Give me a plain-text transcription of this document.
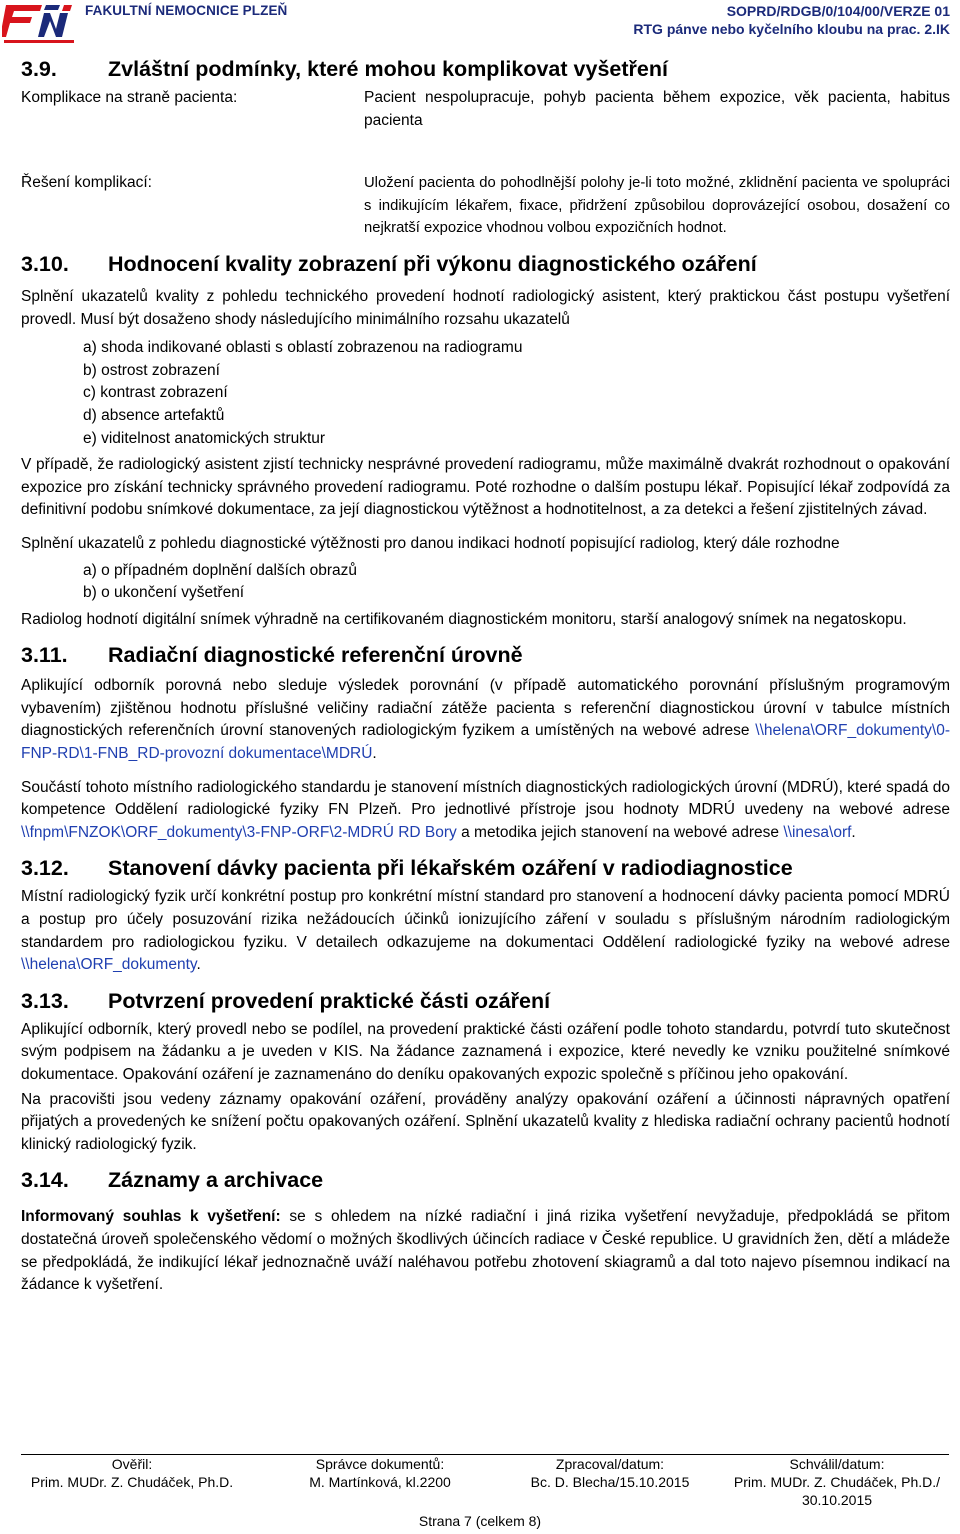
FAKULTNÍ NEMOCNICE PLZEŇ	SOPRD/RDGB/0/104/00/VERZE 01
RTG pánve nebo kyčelního kloubu na prac. 2.IK
3.9. Zvláštní podmínky, které mohou komplikovat vyšetření
Komplikace na straně pacienta:	Pacient nespolupracuje, pohyb pacienta během expozice, věk pacienta, habitus pacienta
Řešení komplikací:	Uložení pacienta do pohodlnější polohy je-li toto možné, zklidnění pacienta ve spolupráci s indikujícím lékařem, fixace, přidržení způsobilou doprovázející osobou, dosažení co nejkratší expozice vhodnou volbou expozičních hodnot.
3.10. Hodnocení kvality zobrazení při výkonu diagnostického ozáření

Splnění ukazatelů kvality z pohledu technického provedení hodnotí radiologický asistent, který praktickou část postupu vyšetření provedl. Musí být dosaženo shody následujícího minimálního rozsahu ukazatelů

a) shoda indikované oblasti s oblastí zobrazenou na radiogramu
b) ostrost zobrazení
c) kontrast zobrazení
d) absence artefaktů
e) viditelnost anatomických struktur

V případě, že radiologický asistent zjistí technicky nesprávné provedení radiogramu, může maximálně dvakrát rozhodnout o opakování expozice pro získání technicky správného provedení radiogramu. Poté rozhodne o dalším postupu lékař. Popisující lékař zodpovídá za definitivní podobu snímkové dokumentace, za její diagnostickou výtěžnost a hodnotitelnost, a za detekci a řešení zjistitelných závad.

Splnění ukazatelů z pohledu diagnostické výtěžnosti pro danou indikaci hodnotí popisující radiolog, který dále rozhodne

a) o případném doplnění dalších obrazů
b) o ukončení vyšetření

Radiolog hodnotí digitální snímek výhradně na certifikovaném diagnostickém monitoru, starší analogový snímek na negatoskopu.

3.11. Radiační diagnostické referenční úrovně

Aplikující odborník porovná nebo sleduje výsledek porovnání (v případě automatického porovnání příslušným programovým vybavením) zjištěnou hodnotu příslušné veličiny radiační zátěže pacienta s referenční diagnostickou úrovní v tabulce místních diagnostických referenčních úrovní stanovených radiologickým fyzikem a umístěných na webové adrese \\helena\ORF_dokumenty\0-FNP-RD\1-FNB_RD-provozní dokumentace\MDRÚ.

Součástí tohoto místního radiologického standardu je stanovení místních diagnostických radiologických úrovní (MDRÚ), které spadá do kompetence Oddělení radiologické fyziky FN Plzeň. Pro jednotlivé přístroje jsou hodnoty MDRÚ uvedeny na webové adrese \\fnpm\FNZOK\ORF_dokumenty\3-FNP-ORF\2-MDRÚ RD Bory a metodika jejich stanovení na webové adrese \\inesa\orf.

3.12. Stanovení dávky pacienta při lékařském ozáření v radiodiagnostice

Místní radiologický fyzik určí konkrétní postup pro konkrétní místní standard pro stanovení a hodnocení dávky pacienta pomocí MDRÚ a postup pro účely posuzování rizika nežádoucích účinků ionizujícího záření v souladu s příslušným národním radiologickým standardem pro radiologickou fyziku. V detailech odkazujeme na dokumentaci Oddělení radiologické fyziky na webové adrese \\helena\ORF_dokumenty.

3.13. Potvrzení provedení praktické části ozáření

Aplikující odborník, který provedl nebo se podílel, na provedení praktické části ozáření podle tohoto standardu, potvrdí tuto skutečnost svým podpisem na žádanku a je uveden v KIS. Na žádance zaznamená i expozice, které nevedly ke vzniku použitelné snímkové dokumentace. Opakování ozáření je zaznamenáno do deníku opakovaných expozic společně s příčinou jeho opakování.

Na pracovišti jsou vedeny záznamy opakování ozáření, prováděny analýzy opakování ozáření a účinnosti nápravných opatření přijatých a provedených ke snížení počtu opakovaných ozáření. Splnění ukazatelů kvality z hlediska radiační ochrany pacientů hodnotí klinický radiologický fyzik.

3.14. Záznamy a archivace

Informovaný souhlas k vyšetření: se s ohledem na nízké radiační i jiná rizika vyšetření nevyžaduje, předpokládá se přitom dostatečná úroveň společenského vědomí o možných škodlivých účincích radiace v České republice. U gravidních žen, dětí a mládeže se předpokládá, že indikující lékař jednoznačně uváží naléhavou potřebu zhotovení skiagramů a dal toto najevo písemnou indikací na žádance k vyšetření.

Ověřil:
Prim. MUDr. Z. Chudáček, Ph.D.
Správce dokumentů:
M. Martínková, kl.2200
Zpracoval/datum:
Bc. D. Blecha/15.10.2015
Schválil/datum:
Prim. MUDr. Z. Chudáček, Ph.D./ 30.10.2015
Strana 7 (celkem 8)
